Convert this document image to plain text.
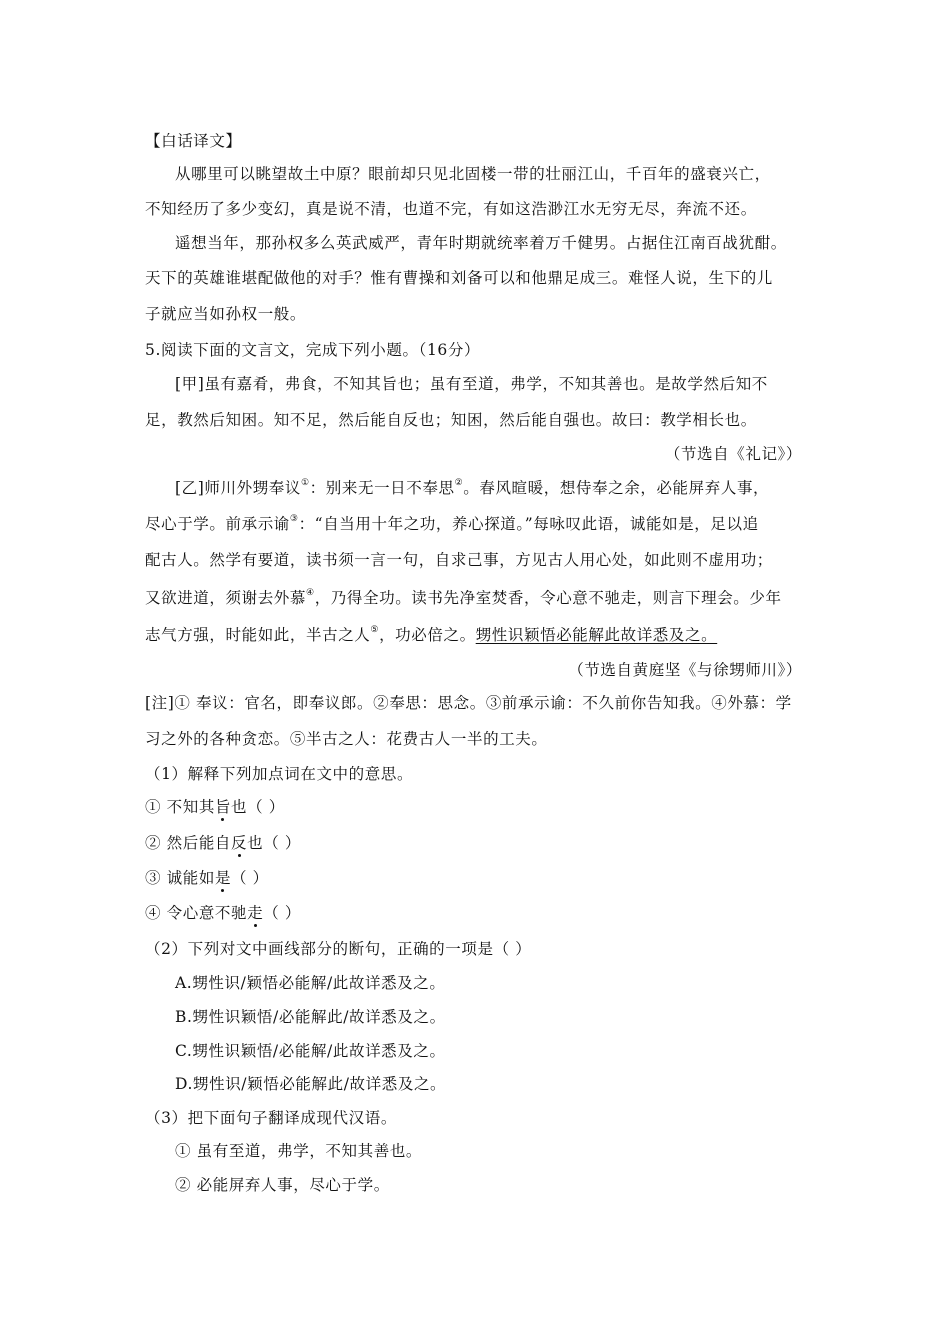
【白话译文】
从哪里可以眺望故土中原？眼前却只见北固楼一带的壮丽江山，千百年的盛衰兴亡，
不知经历了多少变幻，真是说不清，也道不完，有如这浩渺江水无穷无尽，奔流不还。
遥想当年，那孙权多么英武威严，青年时期就统率着万千健男。占据住江南百战犹酣。
天下的英雄谁堪配做他的对手？惟有曹操和刘备可以和他鼎足成三。难怪人说，生下的儿
子就应当如孙权一般。
5.阅读下面的文言文，完成下列小题。（16分）
[甲]虽有嘉肴，弗食，不知其旨也；虽有至道，弗学，不知其善也。是故学然后知不
足，教然后知困。知不足，然后能自反也；知困，然后能自强也。故曰：教学相长也。
（节选自《礼记》）
[乙]师川外甥奉议①：别来无一日不奉思②。春风暄暖，想侍奉之余，必能屏弃人事，
尽心于学。前承示谕③：“自当用十年之功，养心探道。”每咏叹此语，诚能如是，足以追
配古人。然学有要道，读书须一言一句，自求己事，方见古人用心处，如此则不虚用功；
又欲进道，须谢去外慕④，乃得全功。读书先净室焚香，令心意不驰走，则言下理会。少年
志气方强，时能如此，半古之人⑤，功必倍之。甥性识颖悟必能解此故详悉及之。
（节选自黄庭坚《与徐甥师川》）
[注]① 奉议：官名，即奉议郎。②奉思：思念。③前承示谕：不久前你告知我。④外慕：学
习之外的各种贪恋。⑤半古之人：花费古人一半的工夫。
（1）解释下列加点词在文中的意思。
① 不知其旨也（ ）
② 然后能自反也（ ）
③ 诚能如是（ ）
④ 令心意不驰走（ ）
（2）下列对文中画线部分的断句，正确的一项是（ ）
A.甥性识/颖悟必能解/此故详悉及之。
B.甥性识颖悟/必能解此/故详悉及之。
C.甥性识颖悟/必能解/此故详悉及之。
D.甥性识/颖悟必能解此/故详悉及之。
（3）把下面句子翻译成现代汉语。
① 虽有至道，弗学，不知其善也。
② 必能屏弃人事，尽心于学。
